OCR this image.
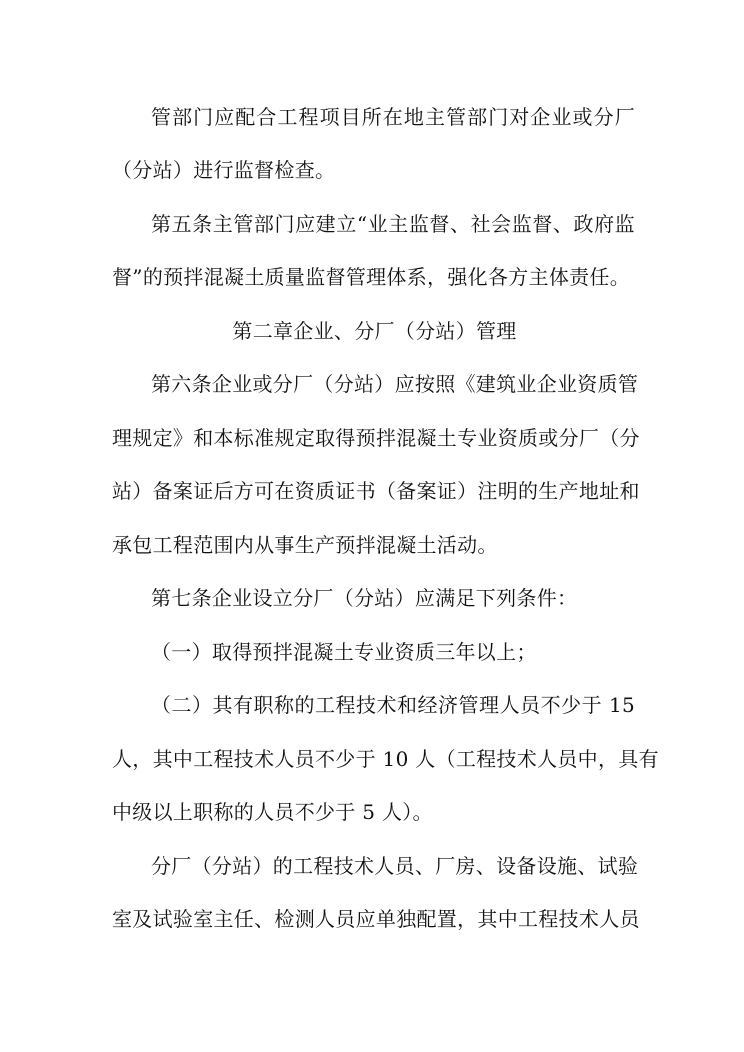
管部门应配合工程项目所在地主管部门对企业或分厂
（分站）进行监督检查。
第五条主管部门应建立“业主监督、社会监督、政府监
督”的预拌混凝土质量监督管理体系，强化各方主体责任。
第二章企业、分厂（分站）管理
第六条企业或分厂（分站）应按照《建筑业企业资质管
理规定》和本标准规定取得预拌混凝土专业资质或分厂（分
站）备案证后方可在资质证书（备案证）注明的生产地址和
承包工程范围内从事生产预拌混凝土活动。
第七条企业设立分厂（分站）应满足下列条件：
（一）取得预拌混凝土专业资质三年以上；
（二）其有职称的工程技术和经济管理人员不少于 15
人，其中工程技术人员不少于 10 人（工程技术人员中，具有
中级以上职称的人员不少于 5 人）。
分厂（分站）的工程技术人员、厂房、设备设施、试验
室及试验室主任、检测人员应单独配置，其中工程技术人员
